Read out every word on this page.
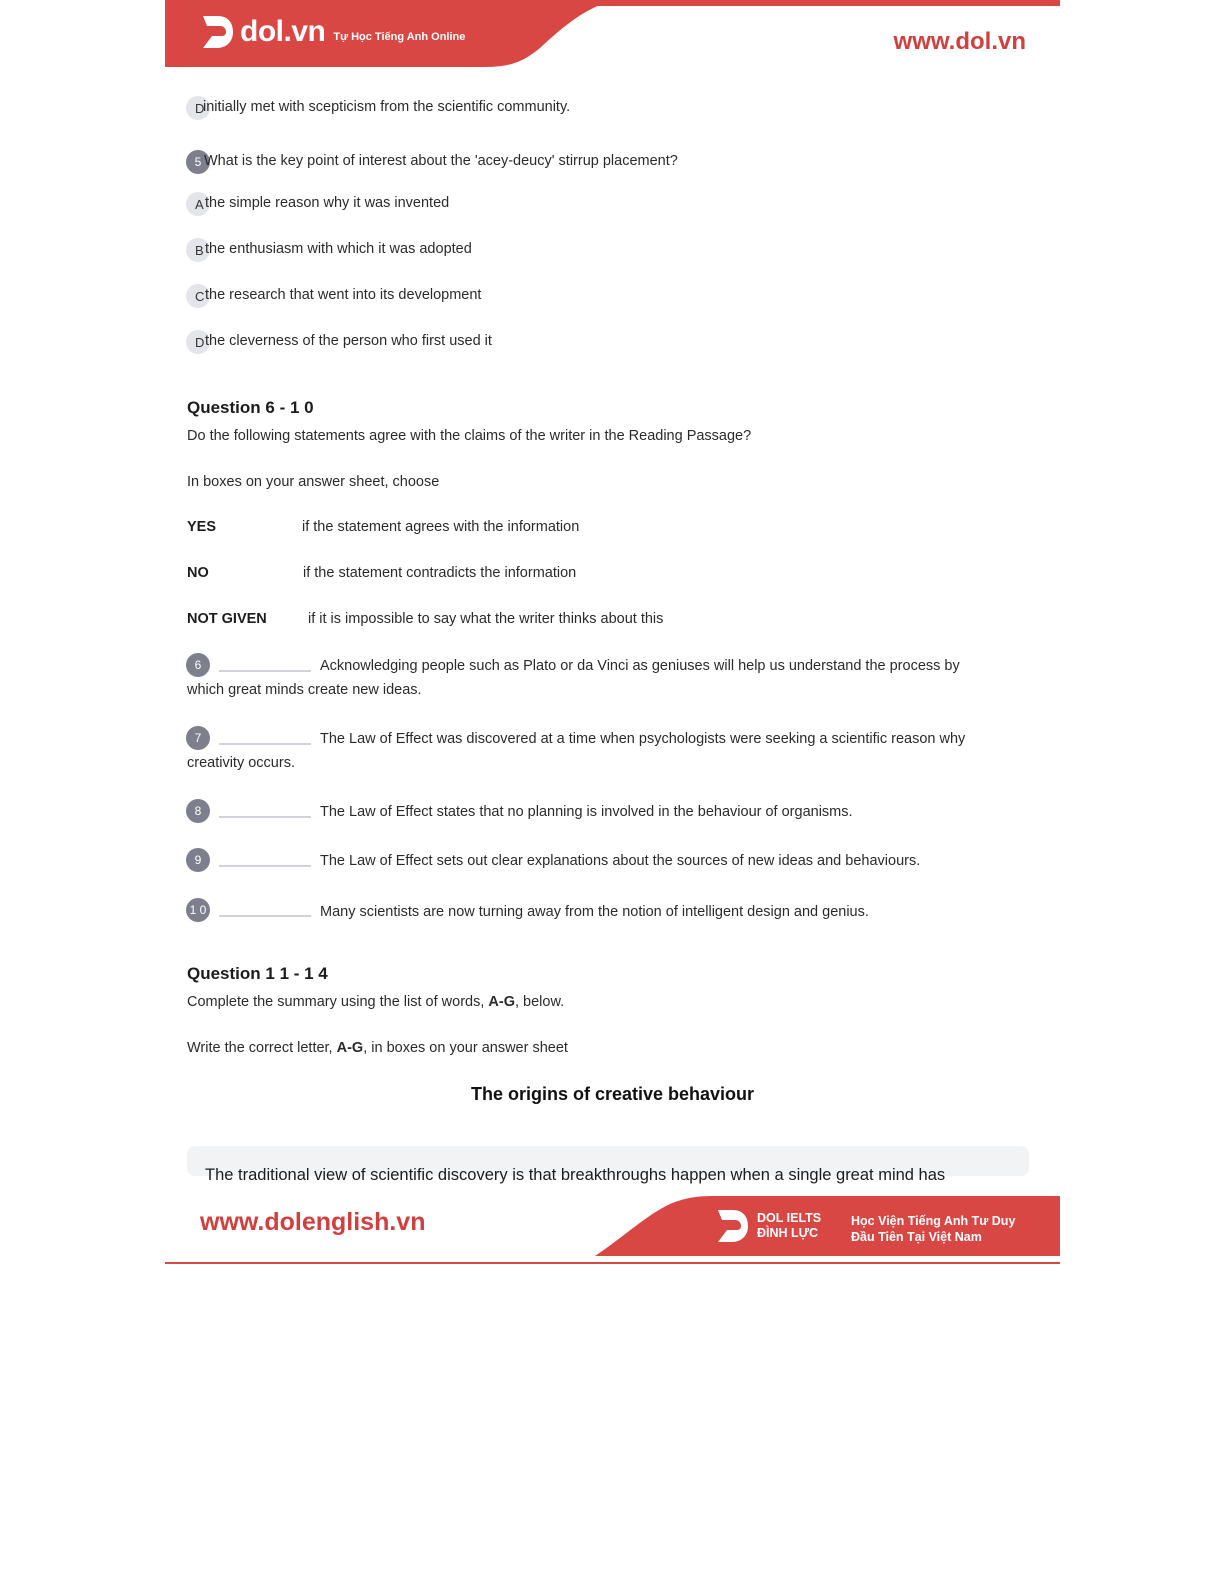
dol.vn Tự Học Tiếng Anh Online	www.dol.vn
D
initially met with scepticism from the scientific community.
5 What is the key point of interest about the 'acey-deucy' stirrup placement?
A the simple reason why it was invented
B the enthusiasm with which it was adopted
C the research that went into its development
D the cleverness of the person who first used it
Question 6 - 1 0
Do the following statements agree with the claims of the writer in the Reading Passage?
In boxes on your answer sheet, choose
YES	if the statement agrees with the information
NO	if the statement contradicts the information
NOT GIVEN	if it is impossible to say what the writer thinks about this
6	Acknowledging people such as Plato or da Vinci as geniuses will help us understand the process by
which great minds create new ideas.
7	The Law of Effect was discovered at a time when psychologists were seeking a scientific reason why
creativity occurs.
8	The Law of Effect states that no planning is involved in the behaviour of organisms.
9	The Law of Effect sets out clear explanations about the sources of new ideas and behaviours.
1 0	Many scientists are now turning away from the notion of intelligent design and genius.
Question 1 1 - 1 4
Complete the summary using the list of words, A-G, below.
Write the correct letter, A-G, in boxes on your answer sheet
The origins of creative behaviour
The traditional view of scientific discovery is that breakthroughs happen when a single great mind has
www.dolenglish.vn	DOL IELTS
ĐÌNH LỰC
Học Viện Tiếng Anh Tư Duy
Đầu Tiên Tại Việt Nam
